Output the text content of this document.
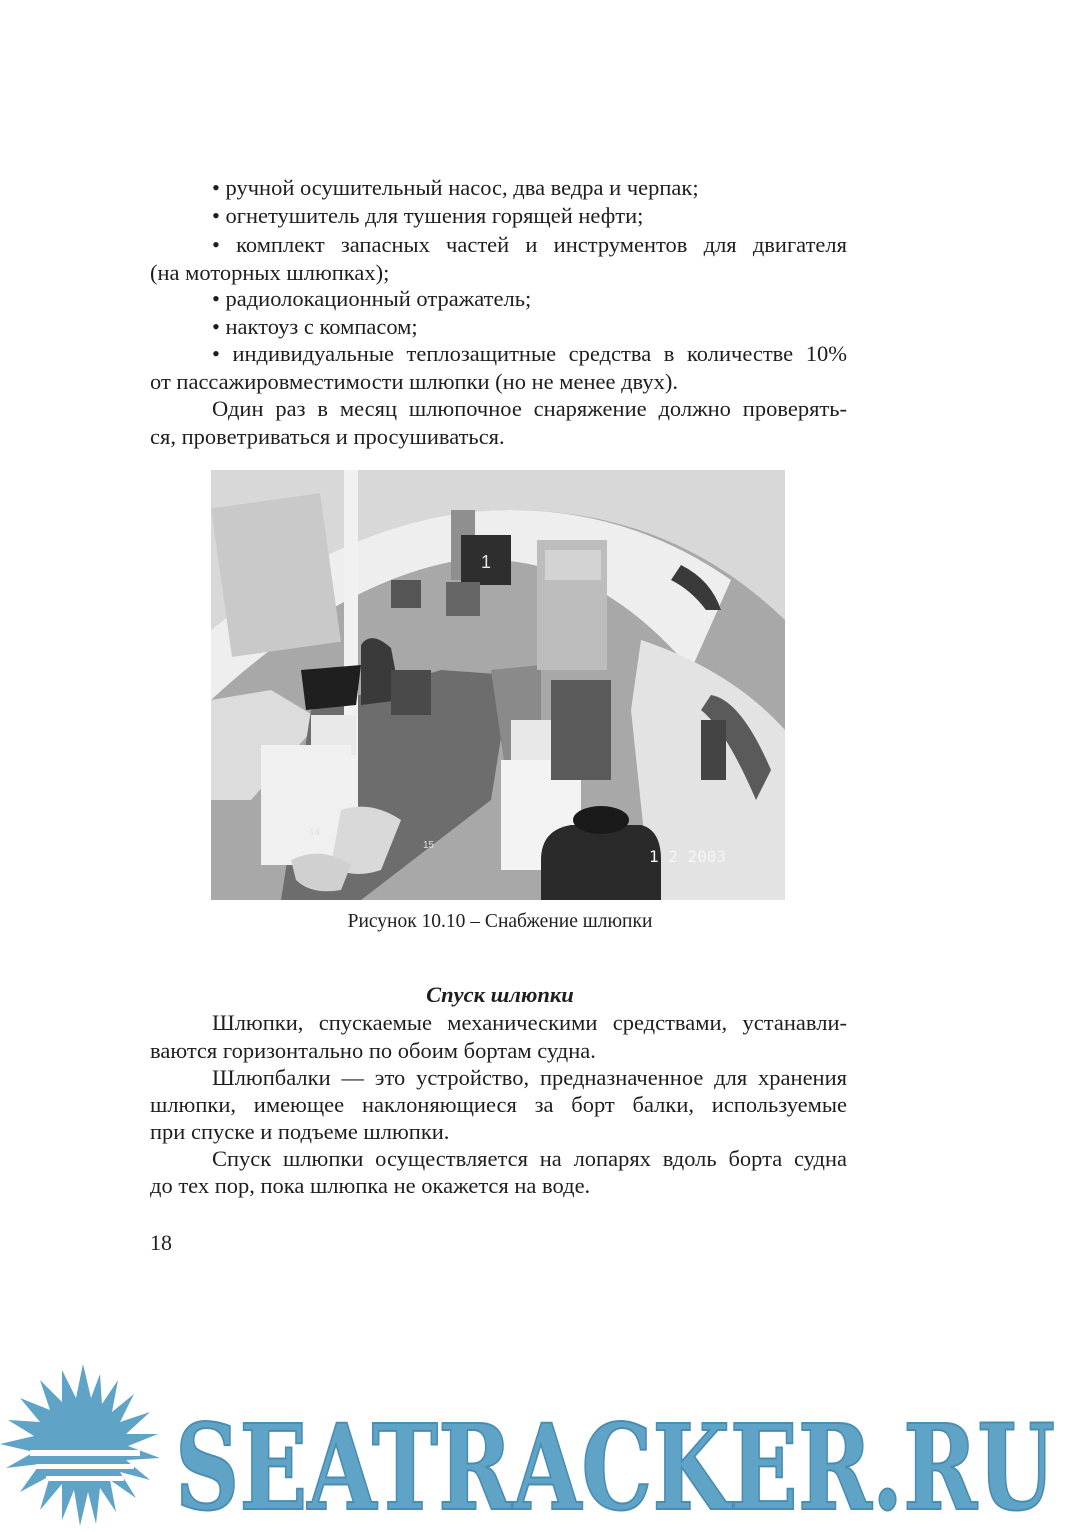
• ручной осушительный насос, два ведра и черпак;

• огнетушитель для тушения горящей нефти;

• комплект запасных частей и инструментов для двигателя

(на моторных шлюпках);

• радиолокационный отражатель;

• нактоуз с компасом;

• индивидуальные теплозащитные средства в количестве 10%

от пассажировместимости шлюпки (но не менее двух).

Один раз в месяц шлюпочное снаряжение должно проверять-

ся, проветриваться и просушиваться.

1
14
15
1 2 2003

Рисунок 10.10 – Снабжение шлюпки

Спуск шлюпки

Шлюпки, спускаемые механическими средствами, устанавли-

ваются горизонтально по обоим бортам судна.

Шлюпбалки — это устройство, предназначенное для хранения

шлюпки, имеющее наклоняющиеся за борт балки, используемые

при спуске и подъеме шлюпки.

Спуск шлюпки осуществляется на лопарях вдоль борта судна

до тех пор, пока шлюпка не окажется на воде.

18

SEATRACKER.RU
